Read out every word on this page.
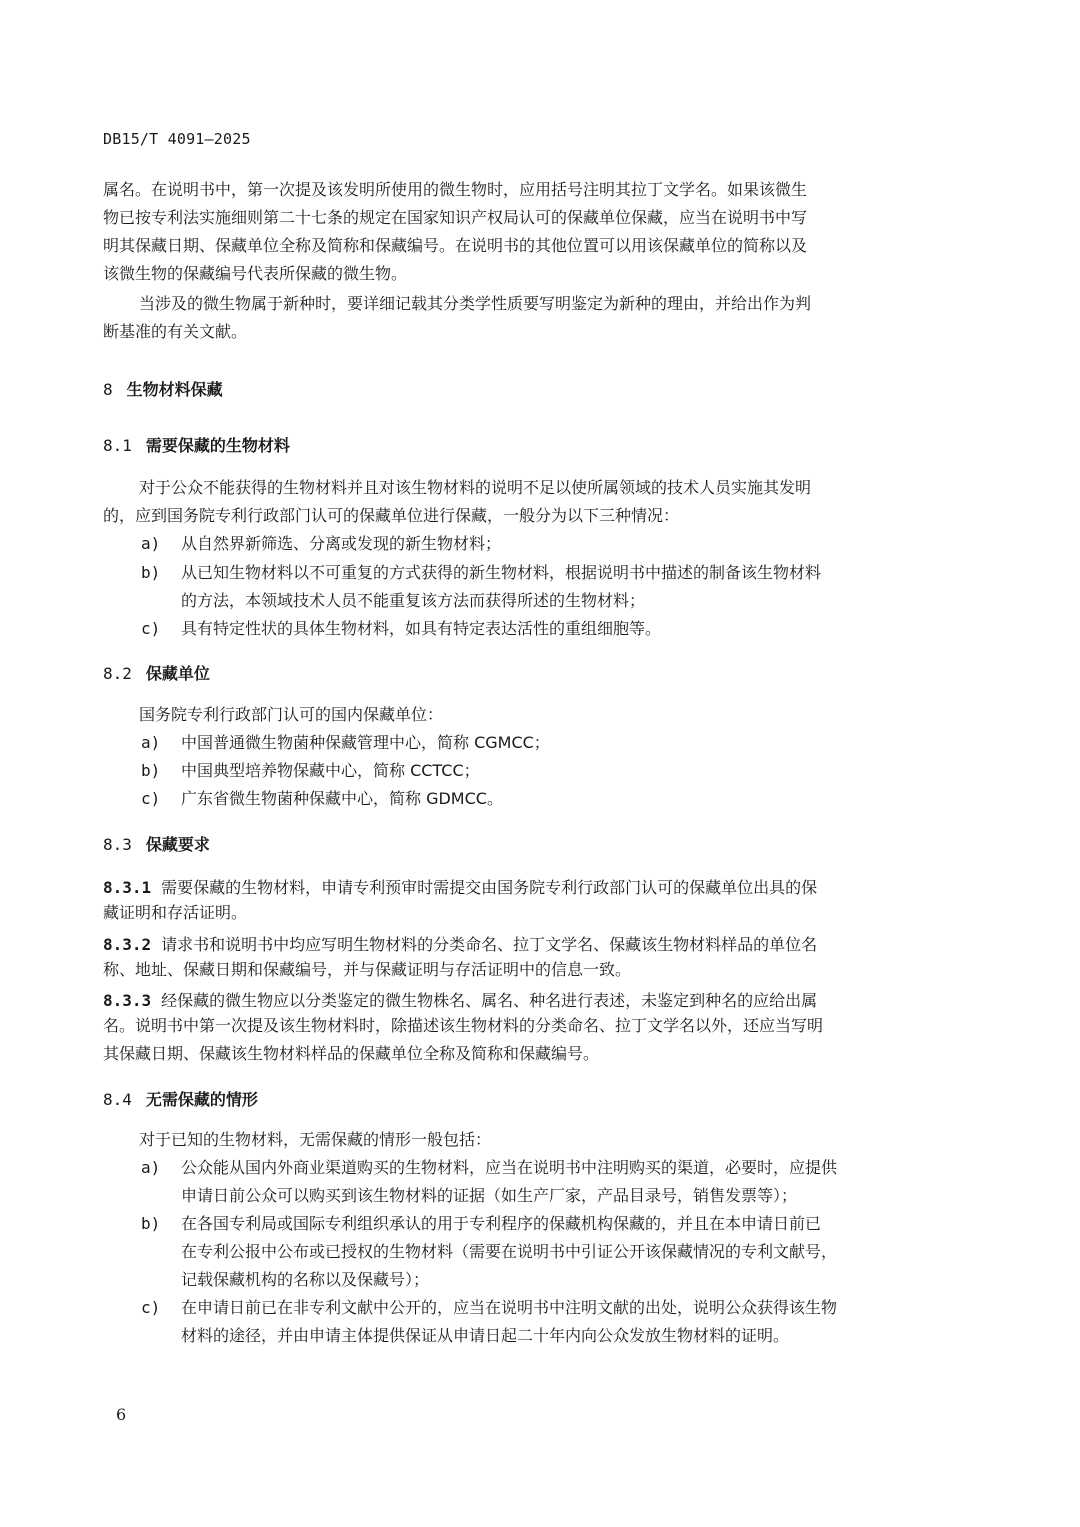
DB15/T 4091—2025
属名。在说明书中，第一次提及该发明所使用的微生物时，应用括号注明其拉丁文学名。如果该微生
物已按专利法实施细则第二十七条的规定在国家知识产权局认可的保藏单位保藏，应当在说明书中写
明其保藏日期、保藏单位全称及简称和保藏编号。在说明书的其他位置可以用该保藏单位的简称以及
该微生物的保藏编号代表所保藏的微生物。
当涉及的微生物属于新种时，要详细记载其分类学性质要写明鉴定为新种的理由，并给出作为判
断基准的有关文献。
8 生物材料保藏
8.1 需要保藏的生物材料
对于公众不能获得的生物材料并且对该生物材料的说明不足以使所属领域的技术人员实施其发明
的，应到国务院专利行政部门认可的保藏单位进行保藏，一般分为以下三种情况：
a) 从自然界新筛选、分离或发现的新生物材料；
b) 从已知生物材料以不可重复的方式获得的新生物材料，根据说明书中描述的制备该生物材料
的方法，本领域技术人员不能重复该方法而获得所述的生物材料；
c) 具有特定性状的具体生物材料，如具有特定表达活性的重组细胞等。
8.2 保藏单位
国务院专利行政部门认可的国内保藏单位：
a) 中国普通微生物菌种保藏管理中心，简称 CGMCC；
b) 中国典型培养物保藏中心，简称 CCTCC；
c) 广东省微生物菌种保藏中心，简称 GDMCC。
8.3 保藏要求
8.3.1 需要保藏的生物材料，申请专利预审时需提交由国务院专利行政部门认可的保藏单位出具的保
藏证明和存活证明。
8.3.2 请求书和说明书中均应写明生物材料的分类命名、拉丁文学名、保藏该生物材料样品的单位名
称、地址、保藏日期和保藏编号，并与保藏证明与存活证明中的信息一致。
8.3.3 经保藏的微生物应以分类鉴定的微生物株名、属名、种名进行表述，未鉴定到种名的应给出属
名。说明书中第一次提及该生物材料时，除描述该生物材料的分类命名、拉丁文学名以外，还应当写明
其保藏日期、保藏该生物材料样品的保藏单位全称及简称和保藏编号。
8.4 无需保藏的情形
对于已知的生物材料，无需保藏的情形一般包括：
a) 公众能从国内外商业渠道购买的生物材料，应当在说明书中注明购买的渠道，必要时，应提供
申请日前公众可以购买到该生物材料的证据（如生产厂家，产品目录号，销售发票等）；
b) 在各国专利局或国际专利组织承认的用于专利程序的保藏机构保藏的，并且在本申请日前已
在专利公报中公布或已授权的生物材料（需要在说明书中引证公开该保藏情况的专利文献号，
记载保藏机构的名称以及保藏号）；
c) 在申请日前已在非专利文献中公开的，应当在说明书中注明文献的出处，说明公众获得该生物
材料的途径，并由申请主体提供保证从申请日起二十年内向公众发放生物材料的证明。
6
